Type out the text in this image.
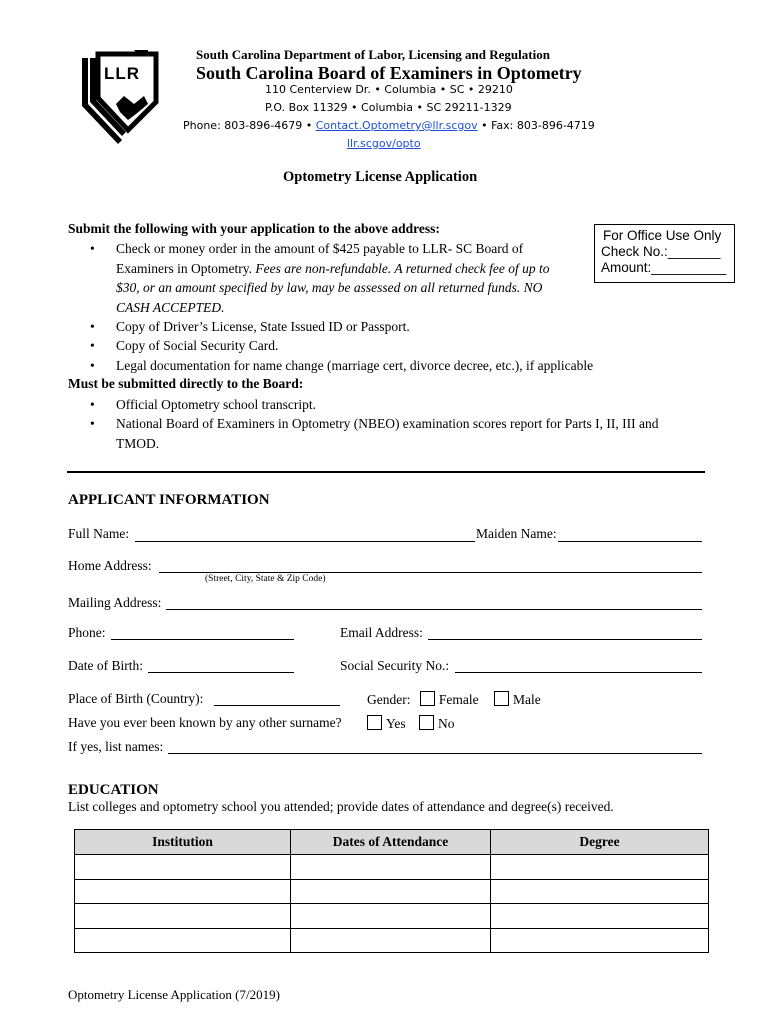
LLR
South Carolina Department of Labor, Licensing and Regulation
South Carolina Board of Examiners in Optometry
110 Centerview Dr. • Columbia • SC • 29210
P.O. Box 11329 • Columbia • SC 29211-1329
Phone: 803-896-4679 • Contact.Optometry@llr.scgov • Fax: 803-896-4719
llr.scgov/opto
Optometry License Application
For Office Use Only
Check No.:_______
Amount:__________
Submit the following with your application to the above address:
• Check or money order in the amount of $425 payable to LLR- SC Board of
Examiners in Optometry. Fees are non-refundable. A returned check fee of up to
$30, or an amount specified by law, may be assessed on all returned funds. NO
CASH ACCEPTED.
• Copy of Driver’s License, State Issued ID or Passport.
• Copy of Social Security Card.
• Legal documentation for name change (marriage cert, divorce decree, etc.), if applicable
Must be submitted directly to the Board:
• Official Optometry school transcript.
• National Board of Examiners in Optometry (NBEO) examination scores report for Parts I, II, III and
TMOD.
APPLICANT INFORMATION
Full Name:	Maiden Name:
Home Address:
(Street, City, State & Zip Code)
Mailing Address:
Phone:	Email Address:
Date of Birth:	Social Security No.:
Place of Birth (Country):	Gender: Female	Male
Have you ever been known by any other surname?	Yes No
If yes, list names:
EDUCATION
List colleges and optometry school you attended; provide dates of attendance and degree(s) received.
Institution	Dates of Attendance	Degree

Optometry License Application (7/2019)
